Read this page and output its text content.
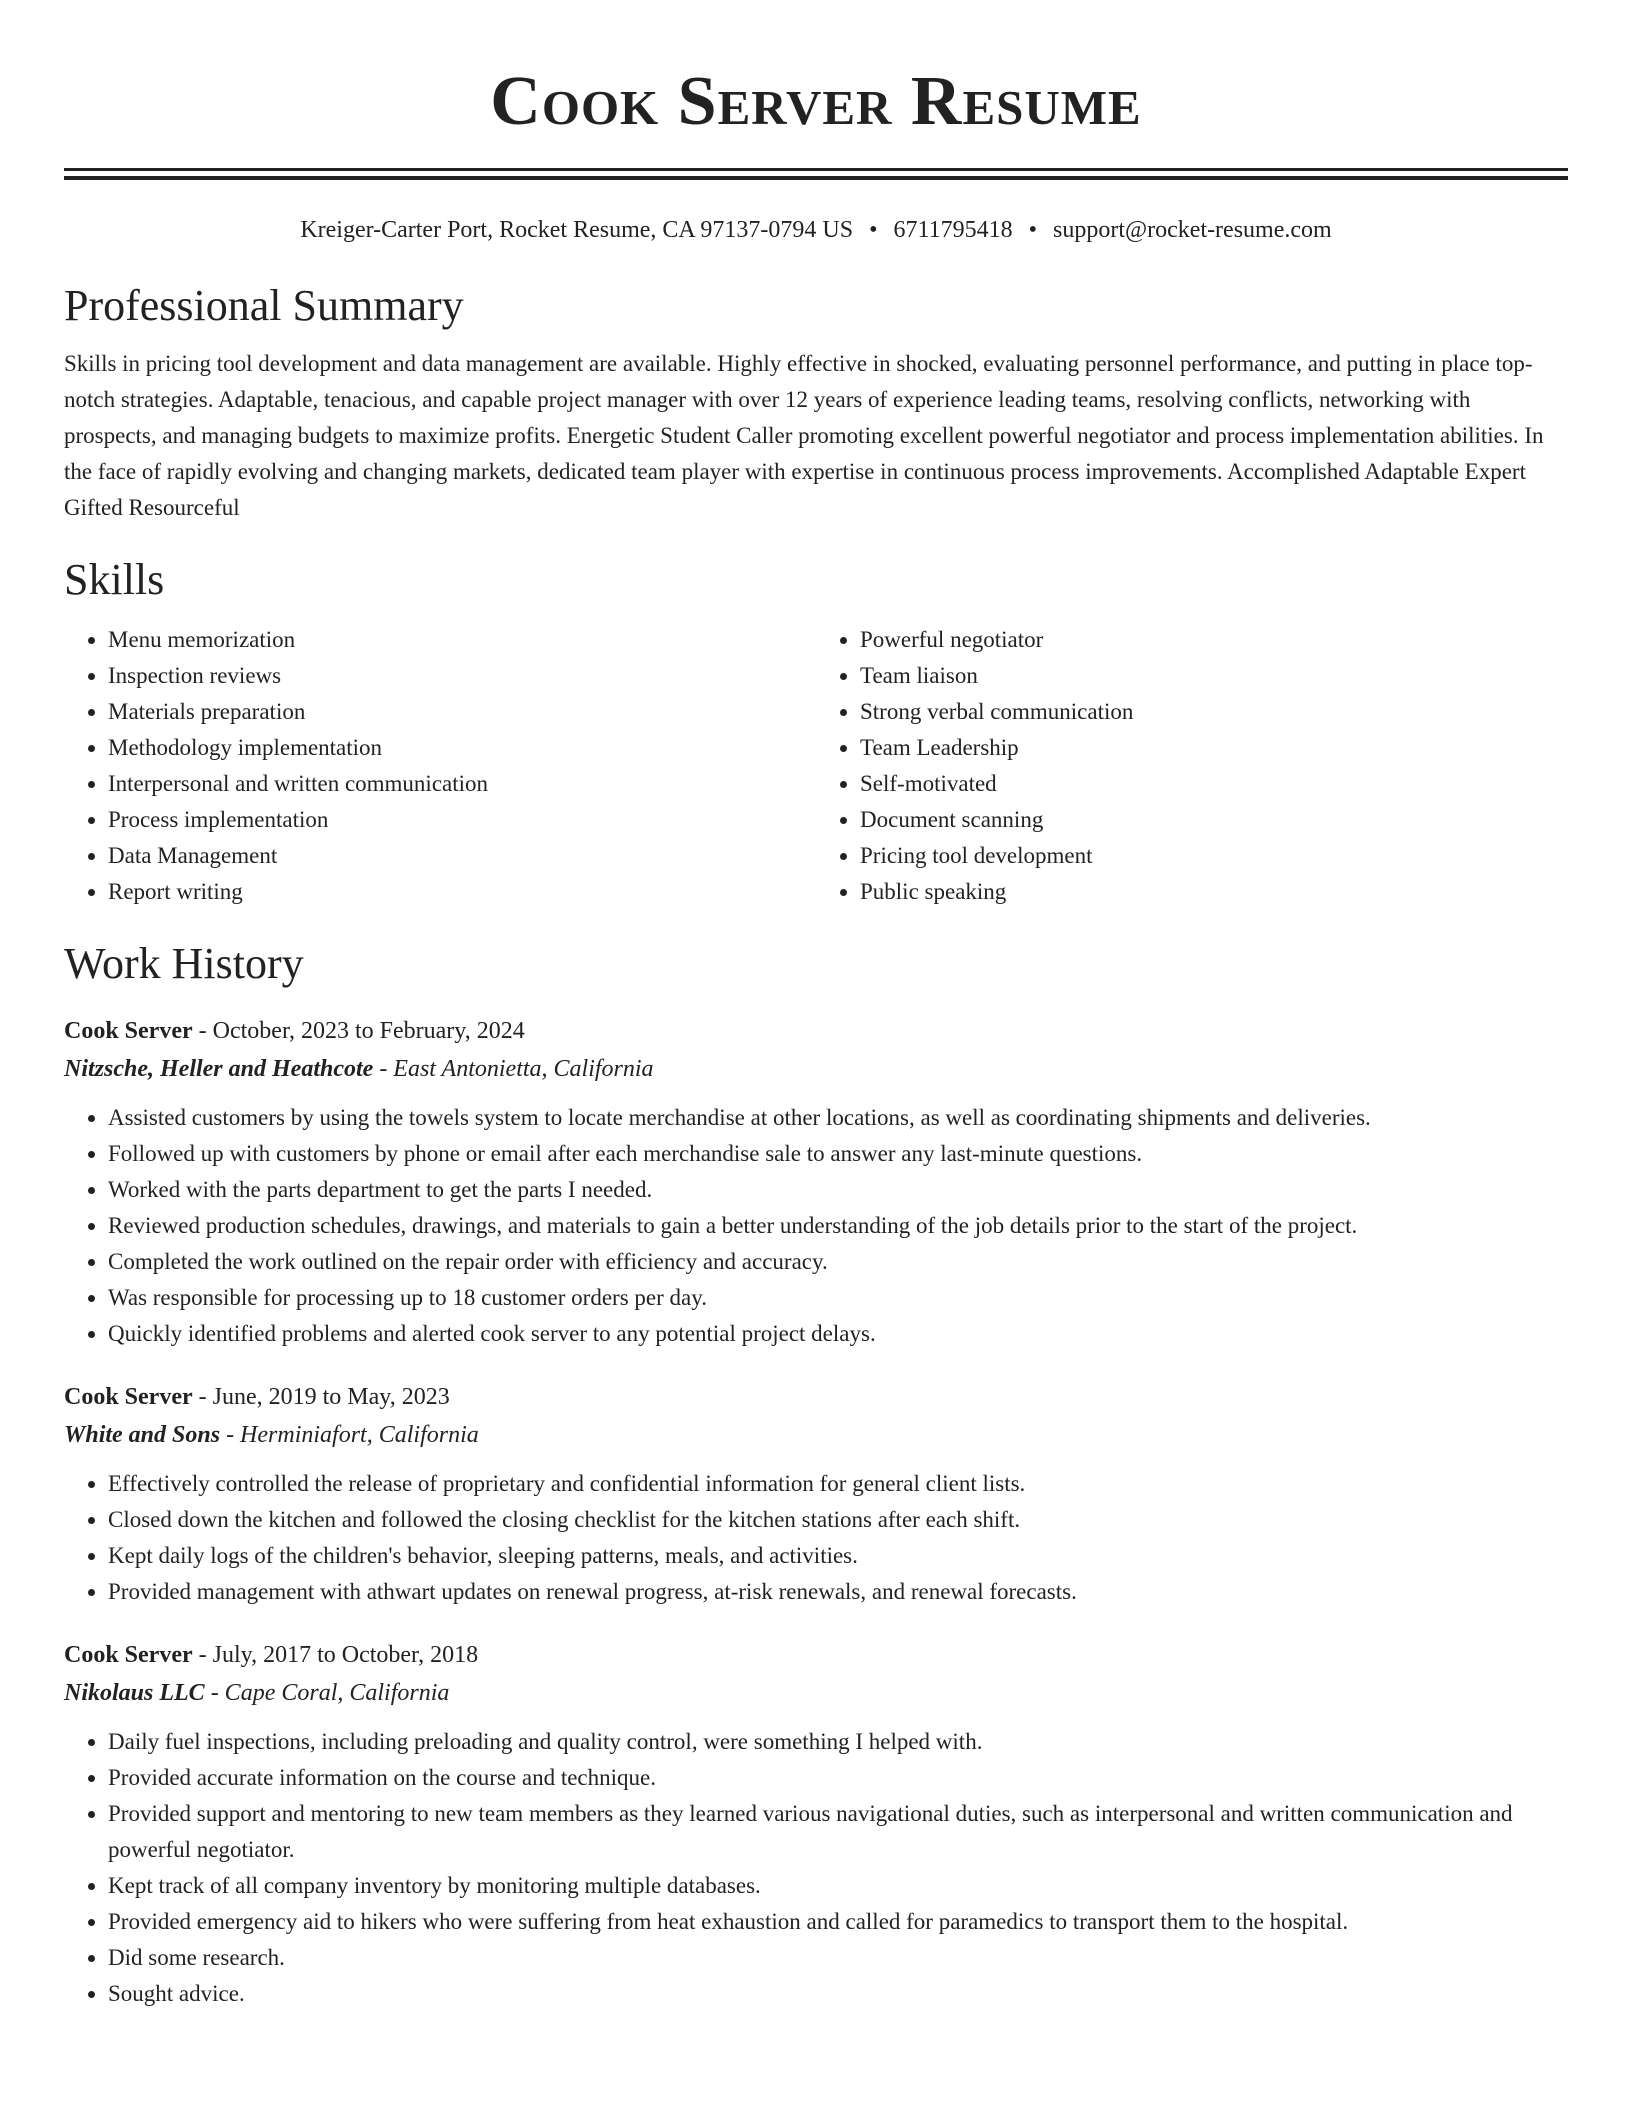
Cook Server Resume
Kreiger-Carter Port, Rocket Resume, CA 97137-0794 US • 6711795418 • support@rocket-resume.com
Professional Summary
Skills in pricing tool development and data management are available. Highly effective in shocked, evaluating personnel performance, and putting in place top-notch strategies. Adaptable, tenacious, and capable project manager with over 12 years of experience leading teams, resolving conflicts, networking with prospects, and managing budgets to maximize profits. Energetic Student Caller promoting excellent powerful negotiator and process implementation abilities. In the face of rapidly evolving and changing markets, dedicated team player with expertise in continuous process improvements. Accomplished Adaptable Expert Gifted Resourceful
Skills
• Menu memorization
• Inspection reviews
• Materials preparation
• Methodology implementation
• Interpersonal and written communication
• Process implementation
• Data Management
• Report writing
• Powerful negotiator
• Team liaison
• Strong verbal communication
• Team Leadership
• Self-motivated
• Document scanning
• Pricing tool development
• Public speaking
Work History
Cook Server - October, 2023 to February, 2024
Nitzsche, Heller and Heathcote - East Antonietta, California
• Assisted customers by using the towels system to locate merchandise at other locations, as well as coordinating shipments and deliveries.
• Followed up with customers by phone or email after each merchandise sale to answer any last-minute questions.
• Worked with the parts department to get the parts I needed.
• Reviewed production schedules, drawings, and materials to gain a better understanding of the job details prior to the start of the project.
• Completed the work outlined on the repair order with efficiency and accuracy.
• Was responsible for processing up to 18 customer orders per day.
• Quickly identified problems and alerted cook server to any potential project delays.
Cook Server - June, 2019 to May, 2023
White and Sons - Herminiafort, California
• Effectively controlled the release of proprietary and confidential information for general client lists.
• Closed down the kitchen and followed the closing checklist for the kitchen stations after each shift.
• Kept daily logs of the children's behavior, sleeping patterns, meals, and activities.
• Provided management with athwart updates on renewal progress, at-risk renewals, and renewal forecasts.
Cook Server - July, 2017 to October, 2018
Nikolaus LLC - Cape Coral, California
• Daily fuel inspections, including preloading and quality control, were something I helped with.
• Provided accurate information on the course and technique.
• Provided support and mentoring to new team members as they learned various navigational duties, such as interpersonal and written communication and powerful negotiator.
• Kept track of all company inventory by monitoring multiple databases.
• Provided emergency aid to hikers who were suffering from heat exhaustion and called for paramedics to transport them to the hospital.
• Did some research.
• Sought advice.
